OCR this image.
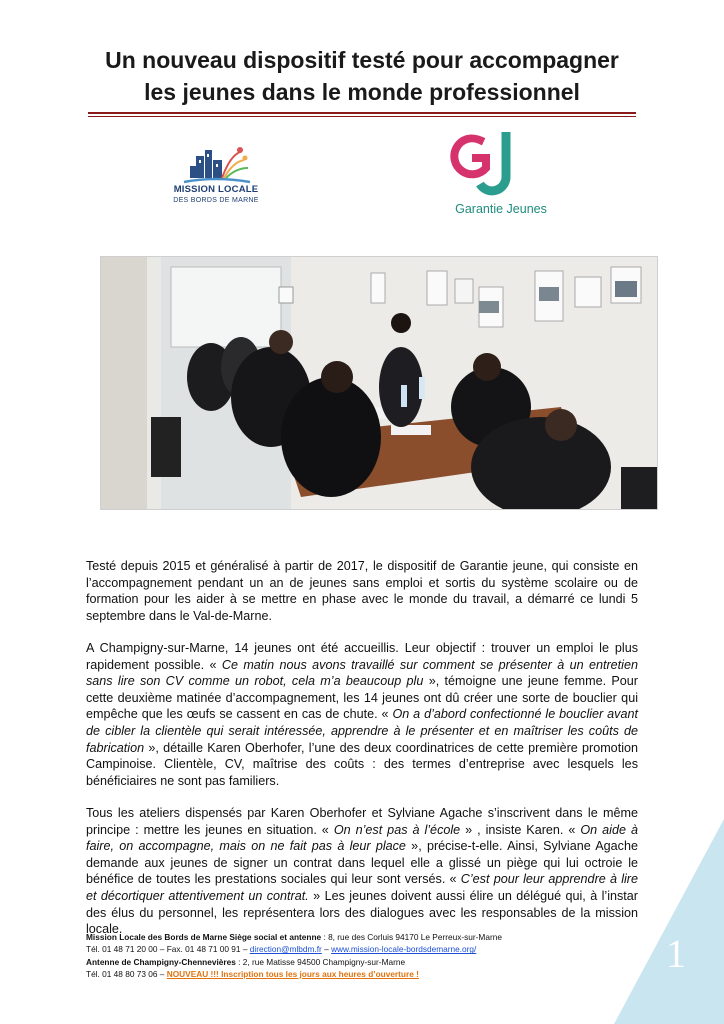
Un nouveau dispositif testé pour accompagner
les jeunes dans le monde professionnel
MISSION LOCALE
DES BORDS DE MARNE
Garantie Jeunes

Testé depuis 2015 et généralisé à partir de 2017, le dispositif de Garantie jeune, qui consiste en l’accompagnement pendant un an de jeunes sans emploi et sortis du système scolaire ou de formation pour les aider à se mettre en phase avec le monde du travail, a démarré ce lundi 5 septembre dans le Val-de-Marne.

A Champigny-sur-Marne, 14 jeunes ont été accueillis. Leur objectif : trouver un emploi le plus rapidement possible. « Ce matin nous avons travaillé sur comment se présenter à un entretien sans lire son CV comme un robot, cela m’a beaucoup plu », témoigne une jeune femme. Pour cette deuxième matinée d’accompagnement, les 14 jeunes ont dû créer une sorte de bouclier qui empêche que les œufs se cassent en cas de chute. « On a d’abord confectionné le bouclier avant de cibler la clientèle qui serait intéressée, apprendre à le présenter et en maîtriser les coûts de fabrication », détaille Karen Oberhofer, l’une des deux coordinatrices de cette première promotion Campinoise. Clientèle, CV, maîtrise des coûts : des termes d’entreprise avec lesquels les bénéficiaires ne sont pas familiers.

Tous les ateliers dispensés par Karen Oberhofer et Sylviane Agache s’inscrivent dans le même principe : mettre les jeunes en situation. « On n’est pas à l’école » , insiste Karen. « On aide à faire, on accompagne, mais on ne fait pas à leur place », précise-t-elle. Ainsi, Sylviane Agache demande aux jeunes de signer un contrat dans lequel elle a glissé un piège qui lui octroie le bénéfice de toutes les prestations sociales qui leur sont versés. « C’est pour leur apprendre à lire et décortiquer attentivement un contrat. » Les jeunes doivent aussi élire un délégué qui, à l’instar des élus du personnel, les représentera lors des dialogues avec les responsables de la mission locale.

Mission Locale des Bords de Marne Siège social et antenne : 8, rue des Corluis 94170 Le Perreux-sur-Marne
Tél. 01 48 71 20 00 – Fax. 01 48 71 00 91 – direction@mlbdm.fr – www.mission-locale-bordsdemarne.org/
Antenne de Champigny-Chennevières : 2, rue Matisse 94500 Champigny-sur-Marne
Tél. 01 48 80 73 06 – NOUVEAU !!! Inscription tous les jours aux heures d’ouverture !	1
